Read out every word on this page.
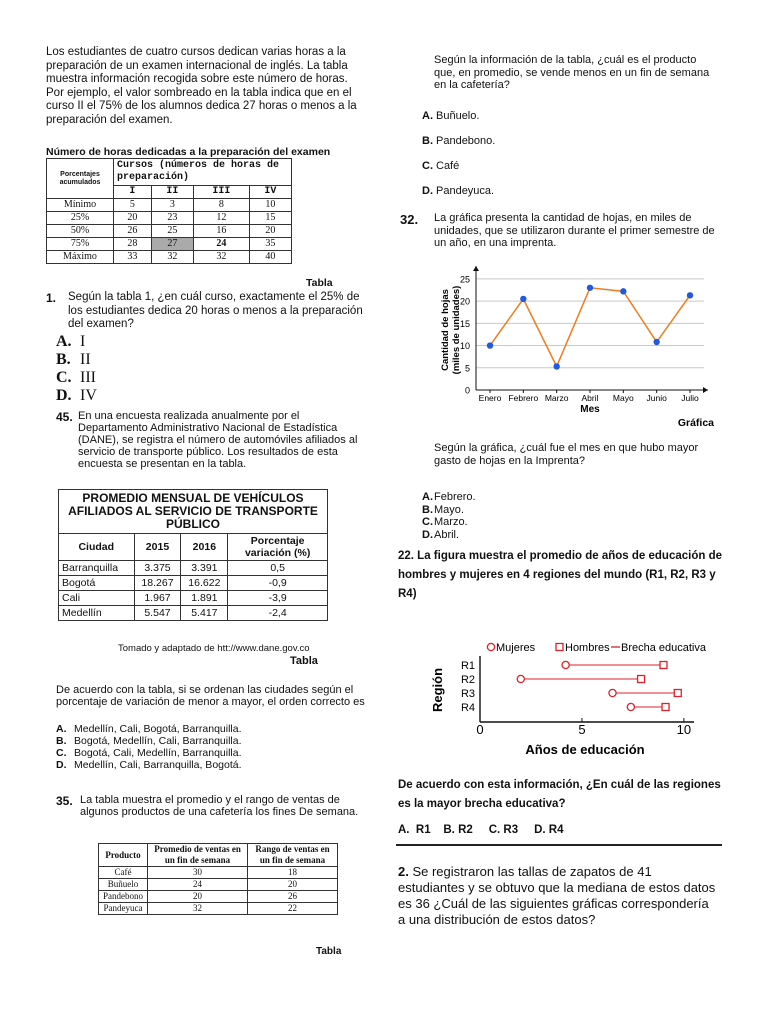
Los estudiantes de cuatro cursos dedican varias horas a la preparación de un examen internacional de inglés. La tabla muestra información recogida sobre este número de horas.

Por ejemplo, el valor sombreado en la tabla indica que en el curso II el 75% de los alumnos dedica 27 horas o menos a la preparación del examen.

Número de horas dedicadas a la preparación del examen
Porcentajes acumulados	Cursos (números de horas de preparación)			
	I	II	III	IV
Mínimo	5	3	8	10
25%	20	23	12	15
50%	26	25	16	20
75%	28	27	24	35
Máximo	33	32	32	40
Tabla
1. Según la tabla 1, ¿en cuál curso, exactamente el 25% de los estudiantes dedica 20 horas o menos a la preparación del examen?
A. I
B. II
C. III
D. IV
45. En una encuesta realizada anualmente por el Departamento Administrativo Nacional de Estadística (DANE), se registra el número de automóviles afiliados al servicio de transporte público. Los resultados de esta encuesta se presentan en la tabla.
PROMEDIO MENSUAL DE VEHÍCULOS AFILIADOS AL SERVICIO DE TRANSPORTE PÚBLICO			
Ciudad	2015	2016	Porcentaje variación (%)
Barranquilla	3.375	3.391	0,5
Bogotá	18.267	16.622	-0,9
Cali	1.967	1.891	-3,9
Medellín	5.547	5.417	-2,4
Tomado y adaptado de htt://www.dane.gov.co
Tabla
De acuerdo con la tabla, si se ordenan las ciudades según el porcentaje de variación de menor a mayor, el orden correcto es
A. Medellín, Cali, Bogotá, Barranquilla.
B. Bogotá, Medellín, Cali, Barranquilla.
C. Bogotá, Cali, Medellín, Barranquilla.
D. Medellín, Cali, Barranquilla, Bogotá.
35. La tabla muestra el promedio y el rango de ventas de algunos productos de una cafetería los fines De semana.
Producto	Promedio de ventas en un fin de semana	Rango de ventas en un fin de semana
Café	30	18
Buñuelo	24	20
Pandebono	20	26
Pandeyuca	32	22
Tabla
Según la información de la tabla, ¿cuál es el producto que, en promedio, se vende menos en un fin de semana en la cafetería?
A. Buñuelo.
B. Pandebono.
C. Café
D. Pandeyuca.
32. La gráfica presenta la cantidad de hojas, en miles de unidades, que se utilizaron durante el primer semestre de un año, en una imprenta.
Enero Febrero Marzo Abril Mayo Junio Julio
0
5
10
15
20
25
Mes
Cantidad de hojas(miles de unidades)
Gráfica
Según la gráfica, ¿cuál fue el mes en que hubo mayor gasto de hojas en la Imprenta?
A.Febrero.
B.Mayo.
C.Marzo.
D.Abril.
22. La figura muestra el promedio de años de educación de hombres y mujeres en 4 regiones del mundo (R1, R2, R3 y R4)
Mujeres	Hombres Brecha educativa
R1
R2
R3
R4
0	5	10
Años de educación
Región
De acuerdo con esta información, ¿En cuál de las regiones es la mayor brecha educativa?
A.  R1    B. R2     C. R3     D. R4
2. Se registraron las tallas de zapatos de 41 estudiantes y se obtuvo que la mediana de estos datos es 36 ¿Cuál de las siguientes gráficas correspondería a una distribución de estos datos?
